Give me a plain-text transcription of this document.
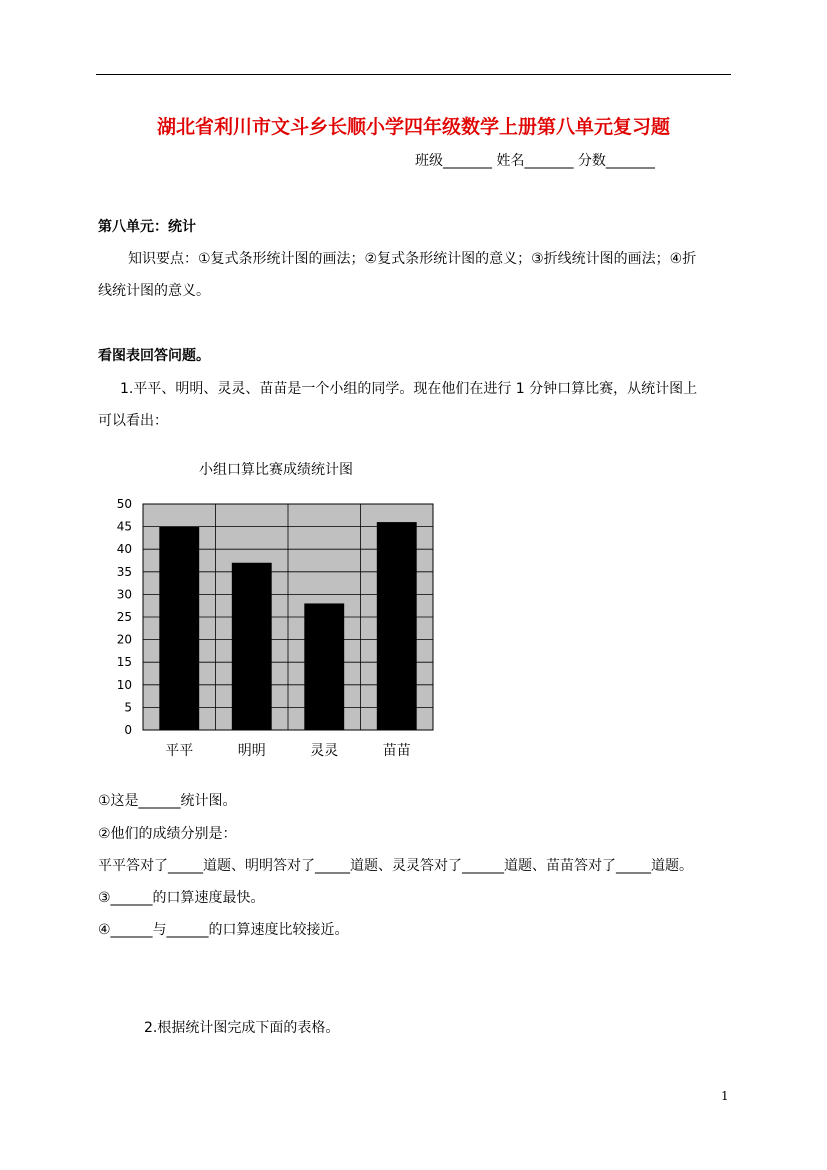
湖北省利川市文斗乡长顺小学四年级数学上册第八单元复习题
班级_______ 姓名_______ 分数_______
第八单元：统计
知识要点：①复式条形统计图的画法；②复式条形统计图的意义；③折线统计图的画法；④折
线统计图的意义。
看图表回答问题。
1.平平、明明、灵灵、苗苗是一个小组的同学。现在他们在进行 1 分钟口算比赛，从统计图上
可以看出：
小组口算比赛成绩统计图
0
5
10
15
20
25
30
35
40
45
50
平平	明明	灵灵	苗苗
①这是______统计图。
②他们的成绩分别是：
平平答对了_____道题、明明答对了_____道题、灵灵答对了______道题、苗苗答对了_____道题。
③______的口算速度最快。
④______与______的口算速度比较接近。
2.根据统计图完成下面的表格。
1
